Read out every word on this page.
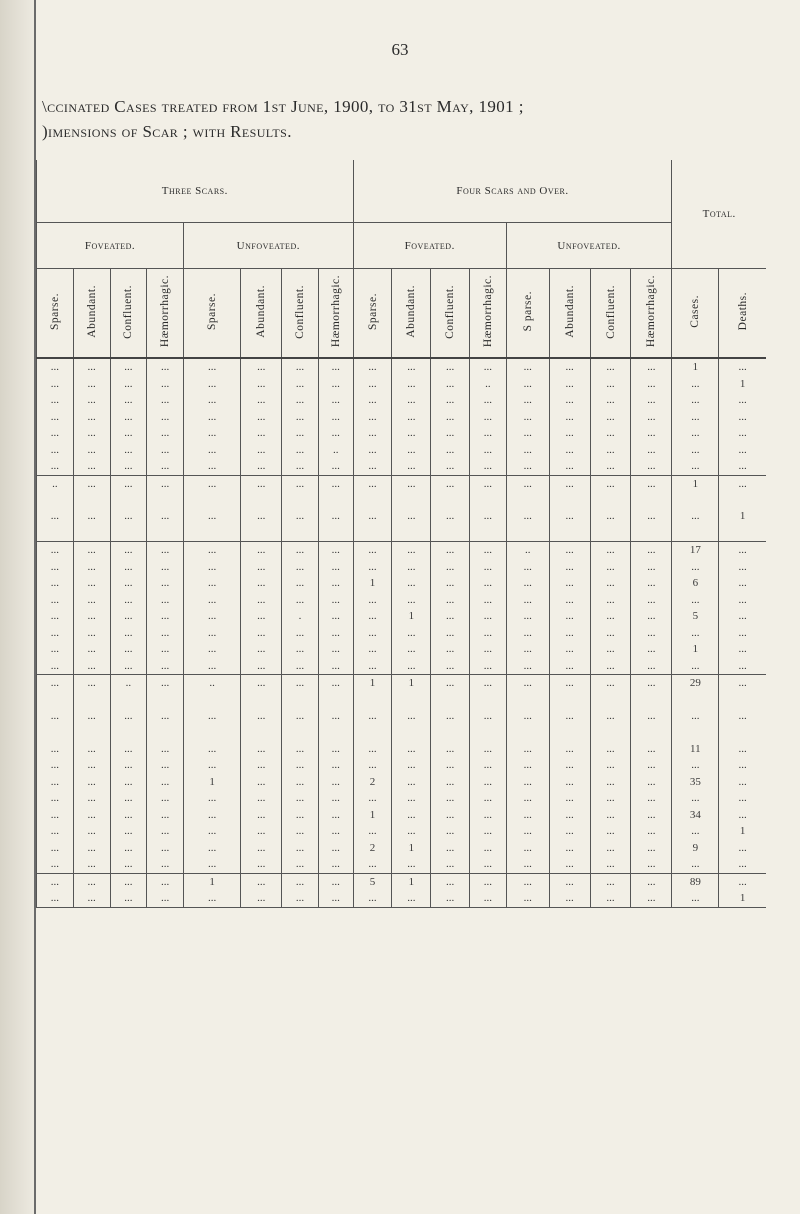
63
\ccinated Cases treated from 1st June, 1900, to 31st May, 1901 ;
)imensions of Scar ; with Results.
Three Scars.								Four Scars and Over.								Total.	
Foveated.				Unfoveated.				Foveated.				Unfoveated.					
Sparse.	Abundant.	Confluent.	Hæmorrhagic.	Sparse.	Abundant.	Confluent.	Hæmorrhagic.	Sparse.	Abundant.	Confluent.	Hæmorrhagic.	S parse.	Abundant.	Confluent.	Hæmorrhagic.	Cases.	Deaths.
...	...	...	...	...	...	...	...	...	...	...	...	...	...	...	...	1	...
...	...	...	...	...	...	...	...	...	...	...	..	...	...	...	...	...	1
...	...	...	...	...	...	...	...	...	...	...	...	...	...	...	...	...	...
...	...	...	...	...	...	...	...	...	...	...	...	...	...	...	...	...	...
...	...	...	...	...	...	...	...	...	...	...	...	...	...	...	...	...	...
...	...	...	...	...	...	...	..	...	...	...	...	...	...	...	...	...	...
...	...	...	...	...	...	...	...	...	...	...	...	...	...	...	...	...	...
..	...	...	...	...	...	...	...	...	...	...	...	...	...	...	...	1	...
...	...	...	...	...	...	...	...	...	...	...	...	...	...	...	...	...	1
...	...	...	...	...	...	...	...	...	...	...	...	..	...	...	...	17	...
...	...	...	...	...	...	...	...	...	...	...	...	...	...	...	...	...	...
...	...	...	...	...	...	...	...	1	...	...	...	...	...	...	...	6	...
...	...	...	...	...	...	...	...	...	...	...	...	...	...	...	...	...	...
...	...	...	...	...	...	.	...	...	1	...	...	...	...	...	...	5	...
...	...	...	...	...	...	...	...	...	...	...	...	...	...	...	...	...	...
...	...	...	...	...	...	...	...	...	...	...	...	...	...	...	...	1	...
...	...	...	...	...	...	...	...	...	...	...	...	...	...	...	...	...	...
...	...	..	...	..	...	...	...	1	1	...	...	...	...	...	...	29	...
...	...	...	...	...	...	...	...	...	...	...	...	...	...	...	...	...	...
...	...	...	...	...	...	...	...	...	...	...	...	...	...	...	...	11	...
...	...	...	...	...	...	...	...	...	...	...	...	...	...	...	...	...	...
...	...	...	...	1	...	...	...	2	...	...	...	...	...	...	...	35	...
...	...	...	...	...	...	...	...	...	...	...	...	...	...	...	...	...	...
...	...	...	...	...	...	...	...	1	...	...	...	...	...	...	...	34	...
...	...	...	...	...	...	...	...	...	...	...	...	...	...	...	...	...	1
...	...	...	...	...	...	...	...	2	1	...	...	...	...	...	...	9	...
...	...	...	...	...	...	...	...	...	...	...	...	...	...	...	...	...	...
...	...	...	...	1	...	...	...	5	1	...	...	...	...	...	...	89	...
...	...	...	...	...	...	...	...	...	...	...	...	...	...	...	...	...	1
